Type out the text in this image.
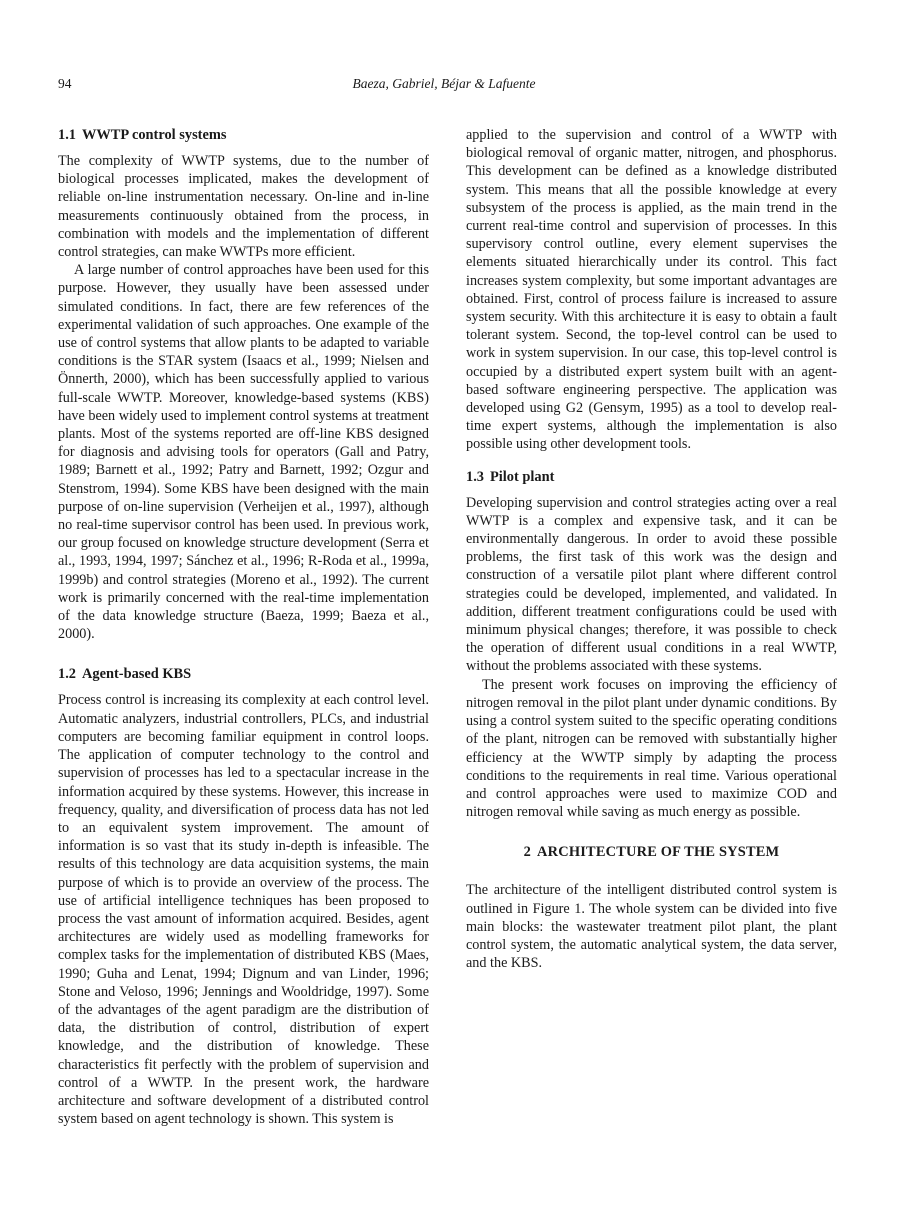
94	Baeza, Gabriel, Béjar & Lafuente
1.1 WWTP control systems

The complexity of WWTP systems, due to the number of biological processes implicated, makes the development of reliable on-line instrumentation necessary. On-line and in-line measurements continuously obtained from the process, in combination with models and the implementation of different control strategies, can make WWTPs more efficient.

A large number of control approaches have been used for this purpose. However, they usually have been assessed under simulated conditions. In fact, there are few references of the experimental validation of such approaches. One example of the use of control systems that allow plants to be adapted to variable conditions is the STAR system (Isaacs et al., 1999; Nielsen and Önnerth, 2000), which has been successfully applied to various full-scale WWTP. Moreover, knowledge-based systems (KBS) have been widely used to implement control systems at treatment plants. Most of the systems reported are off-line KBS designed for diagnosis and advising tools for operators (Gall and Patry, 1989; Barnett et al., 1992; Patry and Barnett, 1992; Ozgur and Stenstrom, 1994). Some KBS have been designed with the main purpose of on-line supervision (Verheijen et al., 1997), although no real-time supervisor control has been used. In previous work, our group focused on knowledge structure development (Serra et al., 1993, 1994, 1997; Sánchez et al., 1996; R-Roda et al., 1999a, 1999b) and control strategies (Moreno et al., 1992). The current work is primarily concerned with the real-time implementation of the data knowledge structure (Baeza, 1999; Baeza et al., 2000).

1.2 Agent-based KBS

Process control is increasing its complexity at each control level. Automatic analyzers, industrial controllers, PLCs, and industrial computers are becoming familiar equipment in control loops. The application of computer technology to the control and supervision of processes has led to a spectacular increase in the information acquired by these systems. However, this increase in frequency, quality, and diversification of process data has not led to an equivalent system improvement. The amount of information is so vast that its study in-depth is infeasible. The results of this technology are data acquisition systems, the main purpose of which is to provide an overview of the process. The use of artificial intelligence techniques has been proposed to process the vast amount of information acquired. Besides, agent architectures are widely used as modelling frameworks for complex tasks for the implementation of distributed KBS (Maes, 1990; Guha and Lenat, 1994; Dignum and van Linder, 1996; Stone and Veloso, 1996; Jennings and Wooldridge, 1997). Some of the advantages of the agent paradigm are the distribution of data, the distribution of control, distribution of expert knowledge, and the distribution of knowledge. These characteristics fit perfectly with the problem of supervision and control of a WWTP. In the present work, the hardware architecture and software development of a distributed control system based on agent technology is shown. This system is

applied to the supervision and control of a WWTP with biological removal of organic matter, nitrogen, and phosphorus. This development can be defined as a knowledge distributed system. This means that all the possible knowledge at every subsystem of the process is applied, as the main trend in the current real-time control and supervision of processes. In this supervisory control outline, every element supervises the elements situated hierarchically under its control. This fact increases system complexity, but some important advantages are obtained. First, control of process failure is increased to assure system security. With this architecture it is easy to obtain a fault tolerant system. Second, the top-level control can be used to work in system supervision. In our case, this top-level control is occupied by a distributed expert system built with an agent-based software engineering perspective. The application was developed using G2 (Gensym, 1995) as a tool to develop real-time expert systems, although the implementation is also possible using other development tools.

1.3 Pilot plant

Developing supervision and control strategies acting over a real WWTP is a complex and expensive task, and it can be environmentally dangerous. In order to avoid these possible problems, the first task of this work was the design and construction of a versatile pilot plant where different control strategies could be developed, implemented, and validated. In addition, different treatment configurations could be used with minimum physical changes; therefore, it was possible to check the operation of different usual conditions in a real WWTP, without the problems associated with these systems.

The present work focuses on improving the efficiency of nitrogen removal in the pilot plant under dynamic conditions. By using a control system suited to the specific operating conditions of the plant, nitrogen can be removed with substantially higher efficiency at the WWTP simply by adapting the process conditions to the requirements in real time. Various operational and control approaches were used to maximize COD and nitrogen removal while saving as much energy as possible.

2 ARCHITECTURE OF THE SYSTEM

The architecture of the intelligent distributed control system is outlined in Figure 1. The whole system can be divided into five main blocks: the wastewater treatment pilot plant, the plant control system, the automatic analytical system, the data server, and the KBS.
